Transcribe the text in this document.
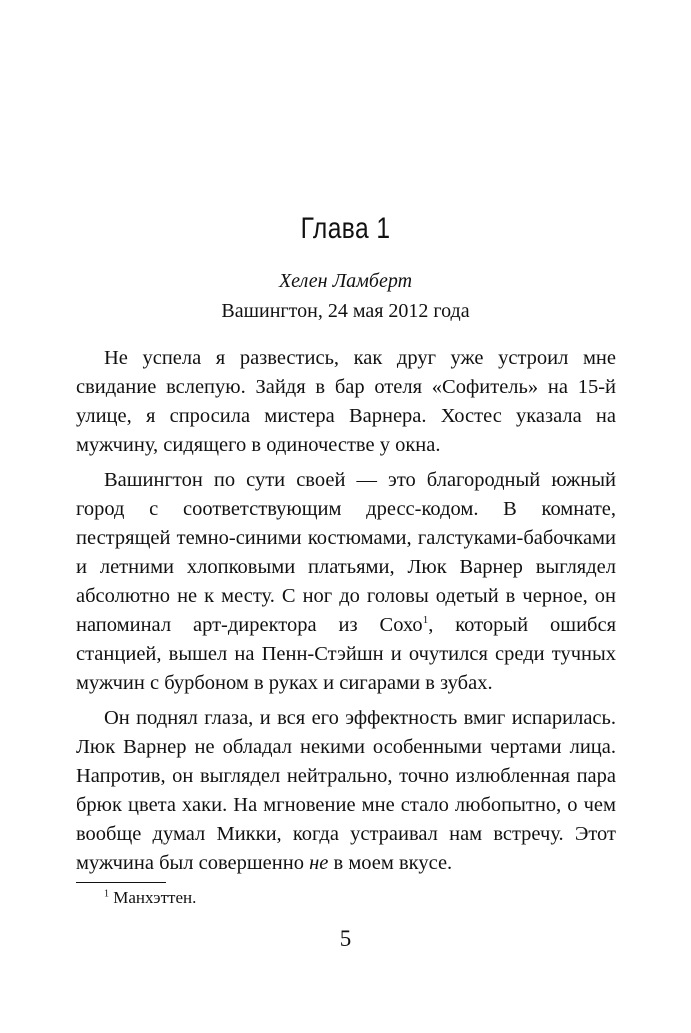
Глава 1
Хелен Ламберт
Вашингтон, 24 мая 2012 года

Не успела я развестись, как друг уже устроил мне свидание вслепую. Зайдя в бар отеля «Софитель» на 15-й улице, я спросила мистера Варнера. Хостес указала на мужчину, сидящего в одиночестве у окна.

Вашингтон по сути своей — это благородный южный город с соответствующим дресс-кодом. В комнате, пестрящей темно-синими костюмами, галстуками-бабочками и летними хлопковыми платьями, Люк Варнер выглядел абсолютно не к месту. С ног до головы одетый в черное, он напоминал арт-директора из Сохо$^1$, который ошибся станцией, вышел на Пенн-Стэйшн и очутился среди тучных мужчин с бурбоном в руках и сигарами в зубах.

Он поднял глаза, и вся его эффектность вмиг испарилась. Люк Варнер не обладал некими особенными чертами лица. Напротив, он выглядел нейтрально, точно излюбленная пара брюк цвета хаки. На мгновение мне стало любопытно, о чем вообще думал Микки, когда устраивал нам встречу. Этот мужчина был совершенно не в моем вкусе.

$^1$ Манхэттен.
5
